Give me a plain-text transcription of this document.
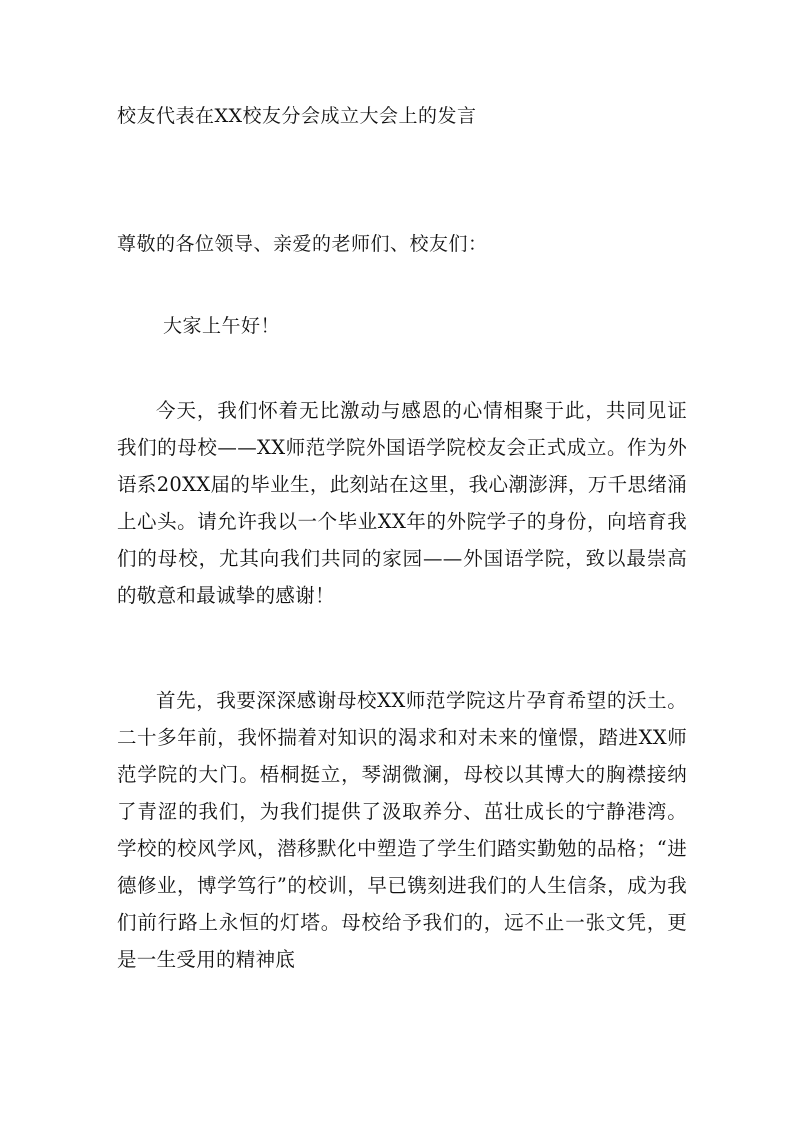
校友代表在XX校友分会成立大会上的发言
尊敬的各位领导、亲爱的老师们、校友们：
大家上午好！

今天，我们怀着无比激动与感恩的心情相聚于此，共同见证我们的母校——XX师范学院外国语学院校友会正式成立。作为外语系20XX届的毕业生，此刻站在这里，我心潮澎湃，万千思绪涌上心头。请允许我以一个毕业XX年的外院学子的身份，向培育我们的母校，尤其向我们共同的家园——外国语学院，致以最崇高的敬意和最诚挚的感谢！

首先，我要深深感谢母校XX师范学院这片孕育希望的沃土。二十多年前，我怀揣着对知识的渴求和对未来的憧憬，踏进XX师范学院的大门。梧桐挺立，琴湖微澜，母校以其博大的胸襟接纳了青涩的我们，为我们提供了汲取养分、茁壮成长的宁静港湾。学校的校风学风，潜移默化中塑造了学生们踏实勤勉的品格；“进德修业，博学笃行”的校训，早已镌刻进我们的人生信条，成为我们前行路上永恒的灯塔。母校给予我们的，远不止一张文凭，更是一生受用的精神底
